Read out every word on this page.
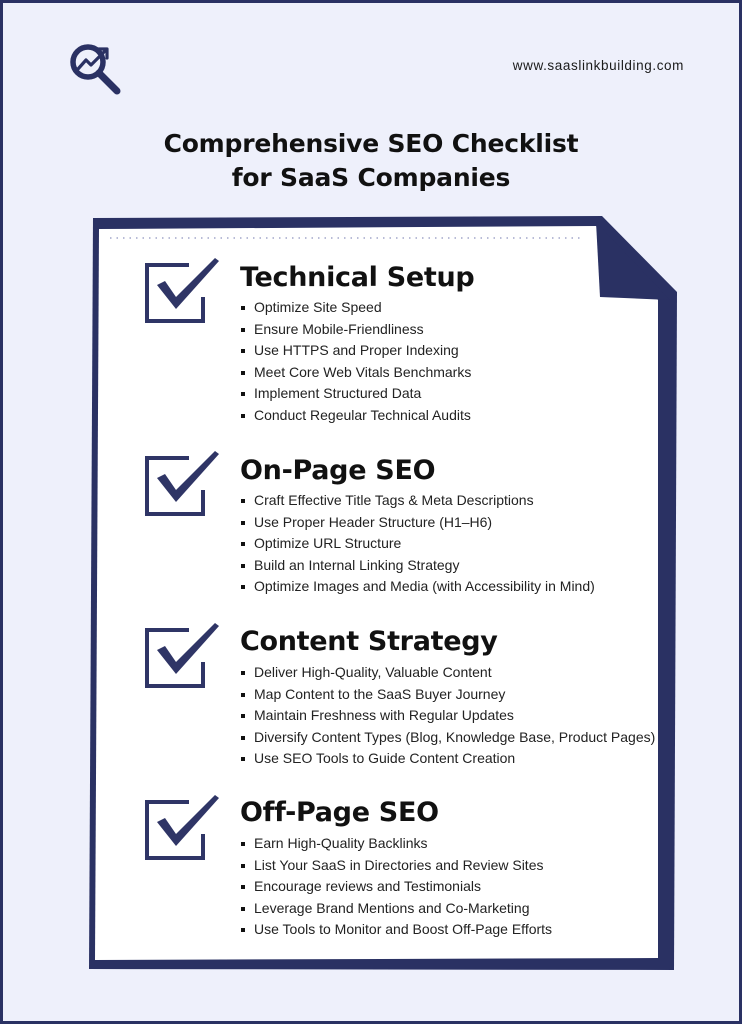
www.saaslinkbuilding.com
Comprehensive SEO Checklist
for SaaS Companies
Technical Setup
Optimize Site Speed
Ensure Mobile-Friendliness
Use HTTPS and Proper Indexing
Meet Core Web Vitals Benchmarks
Implement Structured Data
Conduct Regeular Technical Audits
On-Page SEO
Craft Effective Title Tags & Meta Descriptions
Use Proper Header Structure (H1–H6)
Optimize URL Structure
Build an Internal Linking Strategy
Optimize Images and Media (with Accessibility in Mind)
Content Strategy
Deliver High-Quality, Valuable Content
Map Content to the SaaS Buyer Journey
Maintain Freshness with Regular Updates
Diversify Content Types (Blog, Knowledge Base, Product Pages)
Use SEO Tools to Guide Content Creation
Off-Page SEO
Earn High-Quality Backlinks
List Your SaaS in Directories and Review Sites
Encourage reviews and Testimonials
Leverage Brand Mentions and Co-Marketing
Use Tools to Monitor and Boost Off-Page Efforts
